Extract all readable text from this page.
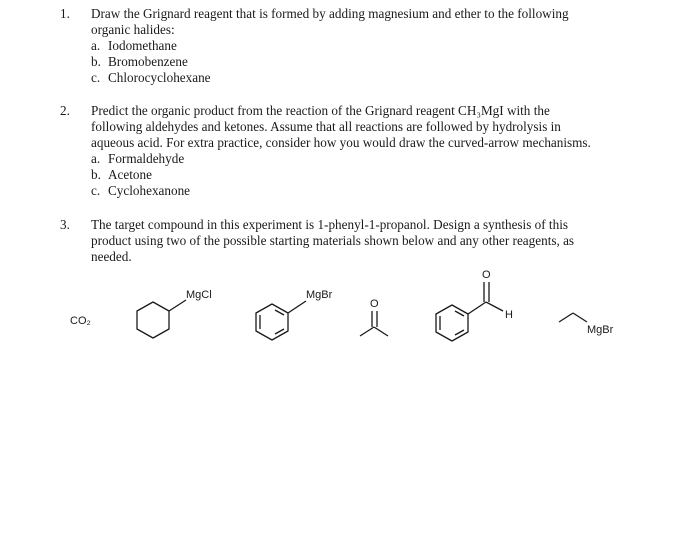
1. Draw the Grignard reagent that is formed by adding magnesium and ether to the following
organic halides:
a. Iodomethane
b. Bromobenzene
c. Chlorocyclohexane
2. Predict the organic product from the reaction of the Grignard reagent CH₃MgI with the
following aldehydes and ketones. Assume that all reactions are followed by hydrolysis in
aqueous acid. For extra practice, consider how you would draw the curved-arrow mechanisms.
a. Formaldehyde
b. Acetone
c. Cyclohexanone
3. The target compound in this experiment is 1-phenyl-1-propanol. Design a synthesis of this
product using two of the possible starting materials shown below and any other reagents, as
needed.
CO₂
MgCl	MgBr
O
O
H
MgBr
